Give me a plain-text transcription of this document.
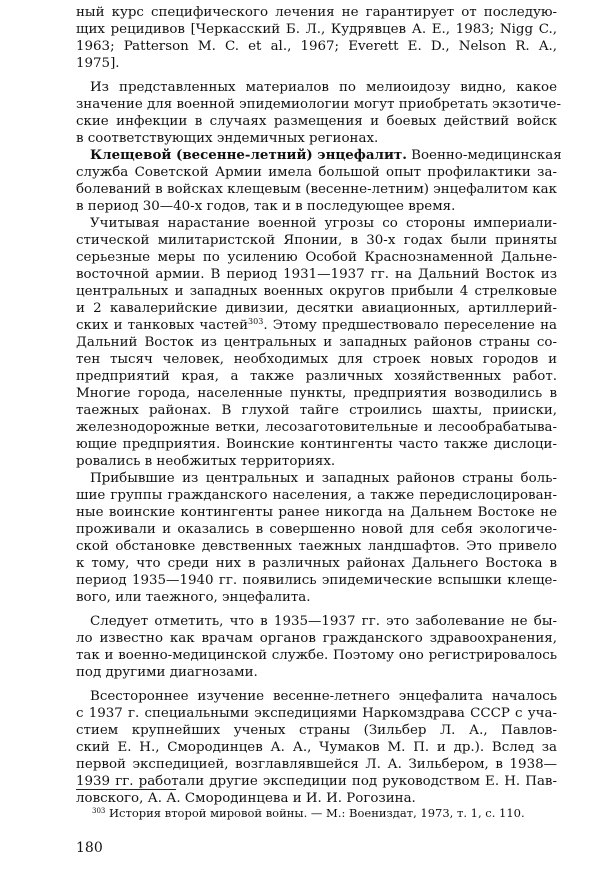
ный курс специфического лечения не гарантирует от последую-
щих рецидивов [Черкасский Б. Л., Кудрявцев А. Е., 1983; Nigg C.,
1963; Patterson M. C. et al., 1967; Everett E. D., Nelson R. A.,
1975].
Из представленных материалов по мелиоидозу видно, какое
значение для военной эпидемиологии могут приобретать экзотиче-
ские инфекции в случаях размещения и боевых действий войск
в соответствующих эндемичных регионах.
Клещевой (весенне-летний) энцефалит. Военно-медицинская
служба Советской Армии имела большой опыт профилактики за-
болеваний в войсках клещевым (весенне-летним) энцефалитом как
в период 30—40-х годов, так и в последующее время.
Учитывая нарастание военной угрозы со стороны империали-
стической милитаристской Японии, в 30-х годах были приняты
серьезные меры по усилению Особой Краснознаменной Дальне-
восточной армии. В период 1931—1937 гг. на Дальний Восток из
центральных и западных военных округов прибыли 4 стрелковые
и 2 кавалерийские дивизии, десятки авиационных, артиллерий-
ских и танковых частей$^{303}$. Этому предшествовало переселение на
Дальний Восток из центральных и западных районов страны со-
тен тысяч человек, необходимых для строек новых городов и
предприятий края, а также различных хозяйственных работ.
Многие города, населенные пункты, предприятия возводились в
таежных районах. В глухой тайге строились шахты, прииски,
железнодорожные ветки, лесозаготовительные и лесообрабатыва-
ющие предприятия. Воинские контингенты часто также дислоци-
ровались в необжитых территориях.
Прибывшие из центральных и западных районов страны боль-
шие группы гражданского населения, а также передислоцирован-
ные воинские контингенты ранее никогда на Дальнем Востоке не
проживали и оказались в совершенно новой для себя экологиче-
ской обстановке девственных таежных ландшафтов. Это привело
к тому, что среди них в различных районах Дальнего Востока в
период 1935—1940 гг. появились эпидемические вспышки клеще-
вого, или таежного, энцефалита.
Следует отметить, что в 1935—1937 гг. это заболевание не бы-
ло известно как врачам органов гражданского здравоохранения,
так и военно-медицинской службе. Поэтому оно регистрировалось
под другими диагнозами.
Всестороннее изучение весенне-летнего энцефалита началось
с 1937 г. специальными экспедициями Наркомздрава СССР с уча-
стием крупнейших ученых страны (Зильбер Л. А., Павлов-
ский Е. Н., Смородинцев А. А., Чумаков М. П. и др.). Вслед за
первой экспедицией, возглавлявшейся Л. А. Зильбером, в 1938—
1939 гг. работали другие экспедиции под руководством Е. Н. Пав-
ловского, А. А. Смородинцева и И. И. Рогозина.
$^{303}$ История второй мировой войны. — М.: Воениздат, 1973, т. 1, с. 110.
180
